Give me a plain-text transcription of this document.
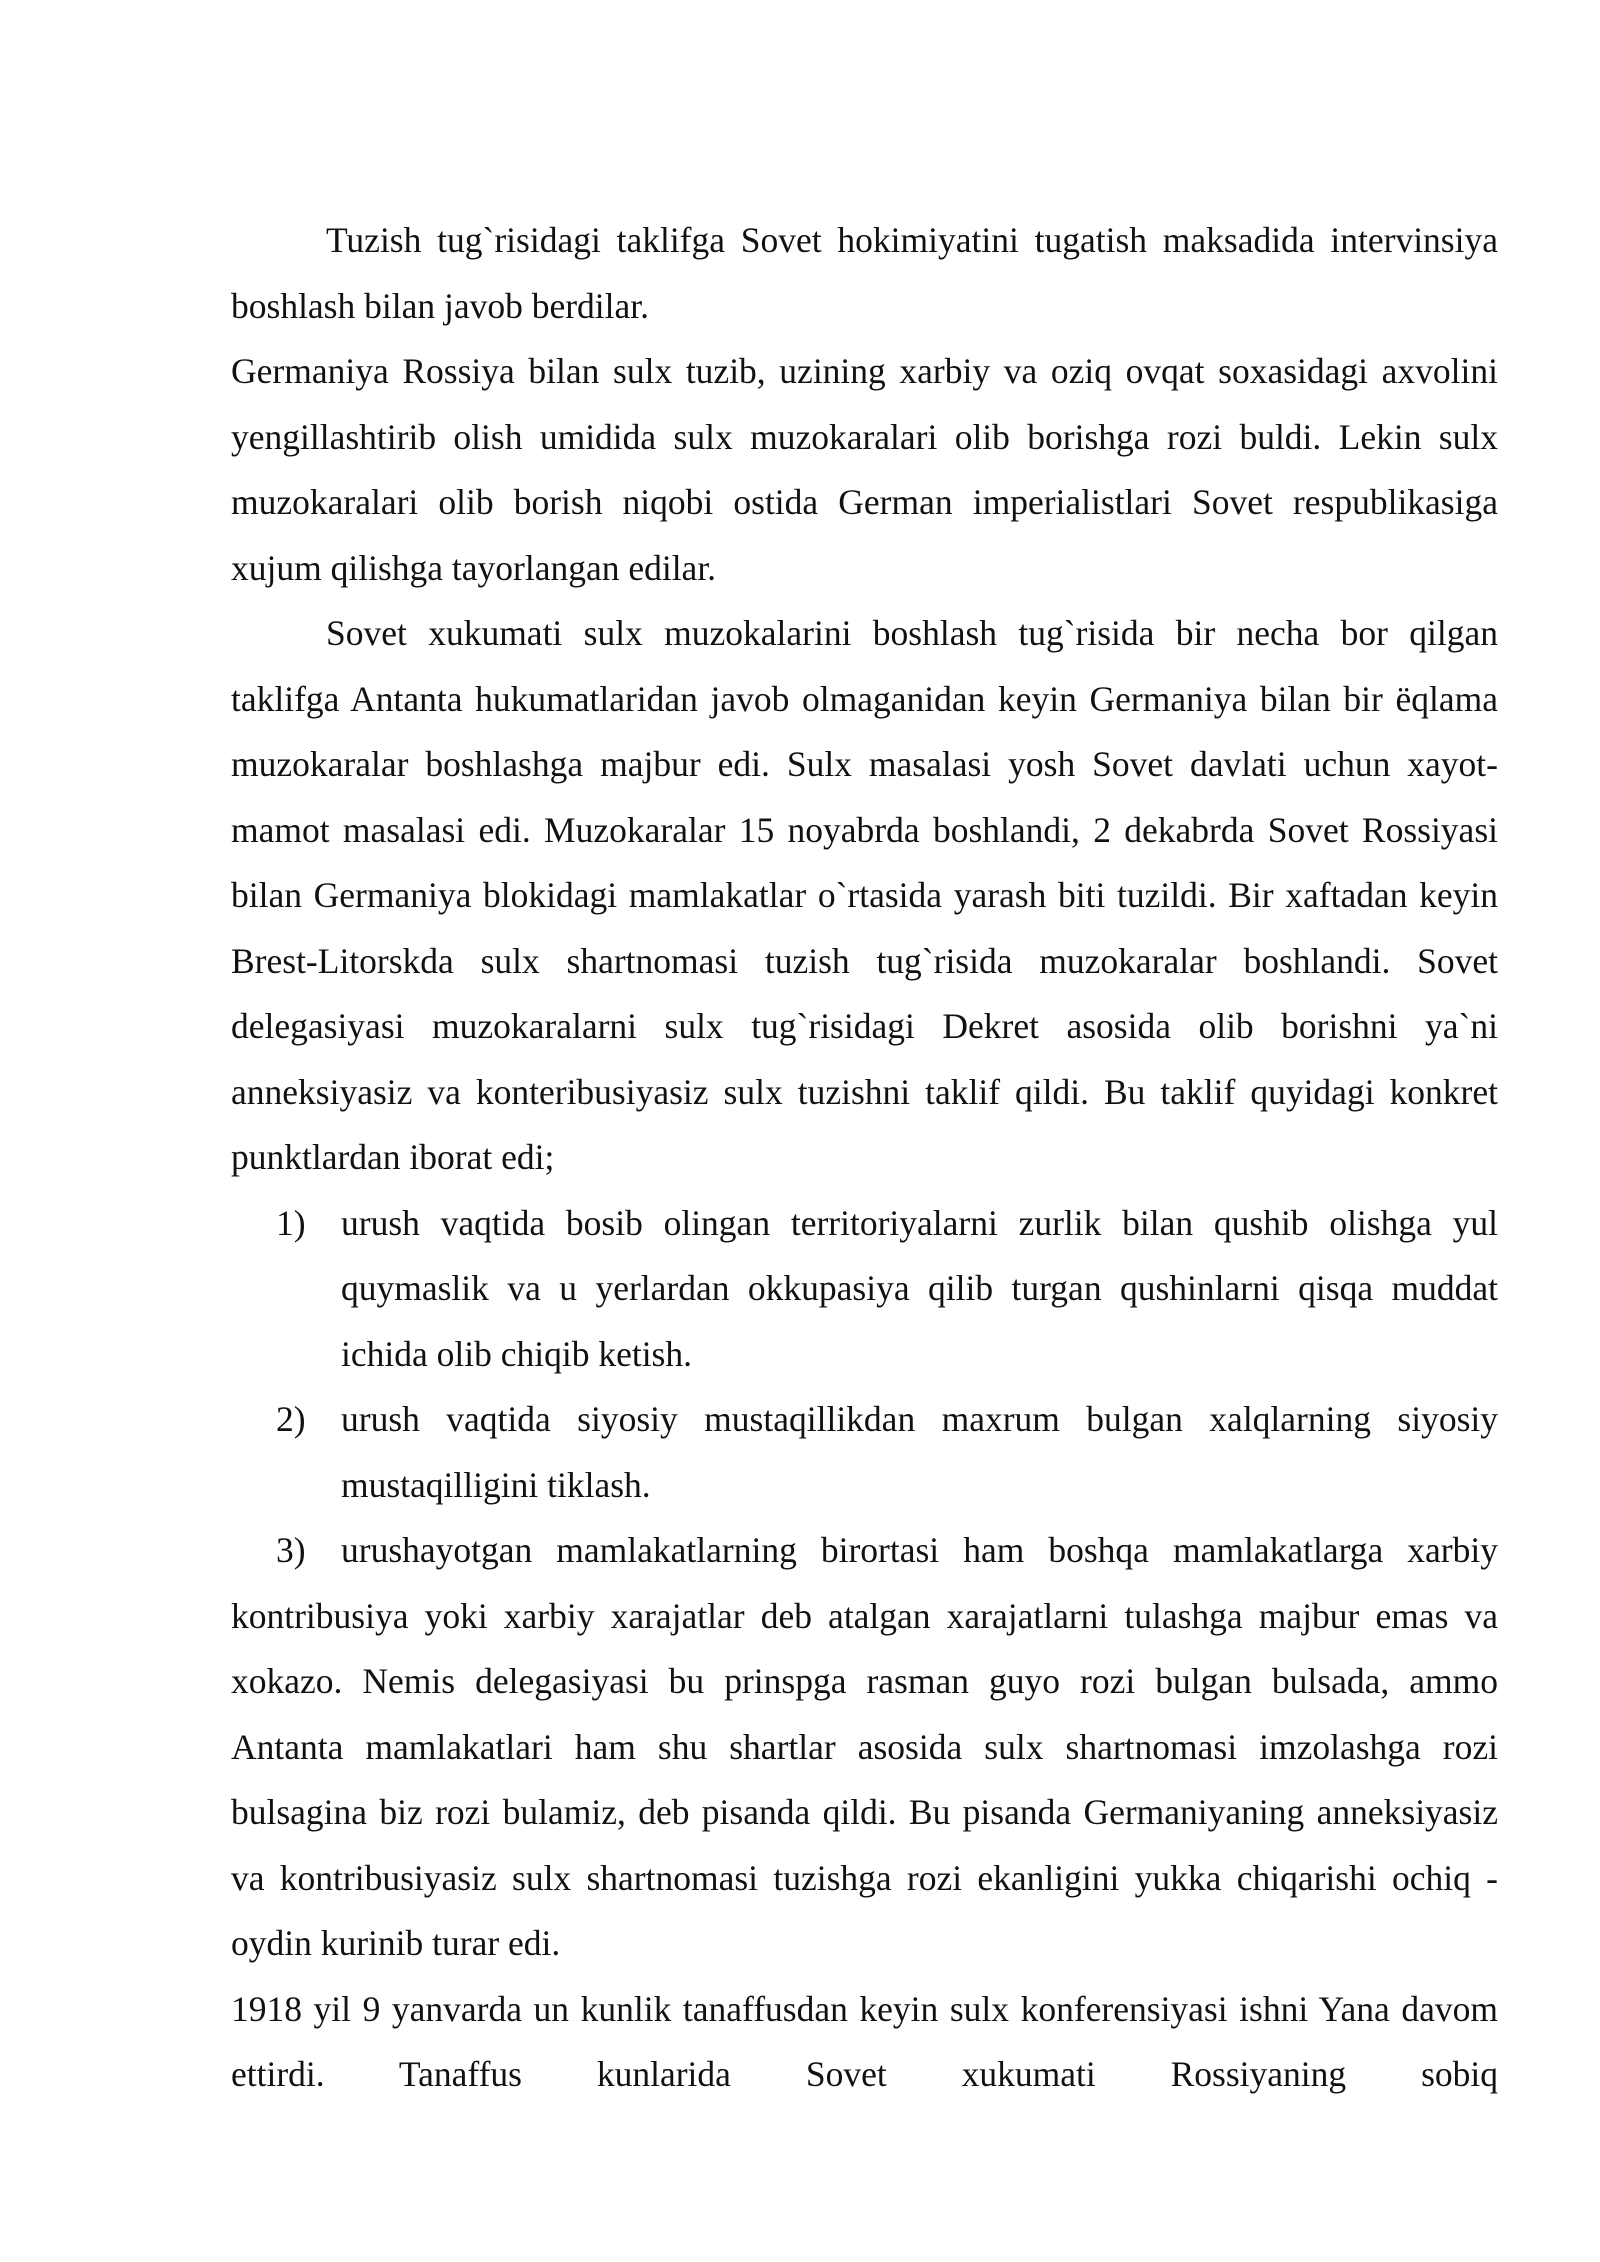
Tuzish tug`risidagi taklifga Sovet hokimiyatini tugatish maksadida intervinsiya boshlash bilan javob berdilar.

Germaniya Rossiya bilan sulx tuzib, uzining xarbiy va oziq ovqat soxasidagi axvolini yengillashtirib olish umidida sulx muzokaralari olib borishga rozi buldi. Lekin sulx muzokaralari olib borish niqobi ostida German imperialistlari Sovet respublikasiga xujum qilishga tayorlangan edilar.

Sovet xukumati sulx muzokalarini boshlash tug`risida bir necha bor qilgan taklifga Antanta hukumatlaridan javob olmaganidan keyin Germaniya bilan bir ëqlama muzokaralar boshlashga majbur edi. Sulx masalasi yosh Sovet davlati uchun xayot-mamot masalasi edi. Muzokaralar 15 noyabrda boshlandi, 2 dekabrda Sovet Rossiyasi bilan Germaniya blokidagi mamlakatlar o`rtasida yarash biti tuzildi. Bir xaftadan keyin Brest-Litorskda sulx shartnomasi tuzish tug`risida muzokaralar boshlandi. Sovet delegasiyasi muzokaralarni sulx tug`risidagi Dekret asosida olib borishni ya`ni anneksiyasiz va konteribusiyasiz sulx tuzishni taklif qildi. Bu taklif quyidagi konkret punktlardan iborat edi;

1) urush vaqtida bosib olingan territoriyalarni zurlik bilan qushib olishga yul quymaslik va u yerlardan okkupasiya qilib turgan qushinlarni qisqa muddat ichida olib chiqib ketish.
2) urush vaqtida siyosiy mustaqillikdan maxrum bulgan xalqlarning siyosiy mustaqilligini tiklash.
3) urushayotgan mamlakatlarning birortasi ham boshqa mamlakatlarga xarbiy
kontribusiya yoki xarbiy xarajatlar deb atalgan xarajatlarni tulashga majbur emas va xokazo. Nemis delegasiyasi bu prinspga rasman guyo rozi bulgan bulsada, ammo Antanta mamlakatlari ham shu shartlar asosida sulx shartnomasi imzolashga rozi bulsagina biz rozi bulamiz, deb pisanda qildi. Bu pisanda Germaniyaning anneksiyasiz va kontribusiyasiz sulx shartnomasi tuzishga rozi ekanligini yukka chiqarishi ochiq -oydin kurinib turar edi.

1918 yil 9 yanvarda un kunlik tanaffusdan keyin sulx konferensiyasi ishni Yana davom ettirdi. Tanaffus kunlarida Sovet xukumati Rossiyaning sobiq
